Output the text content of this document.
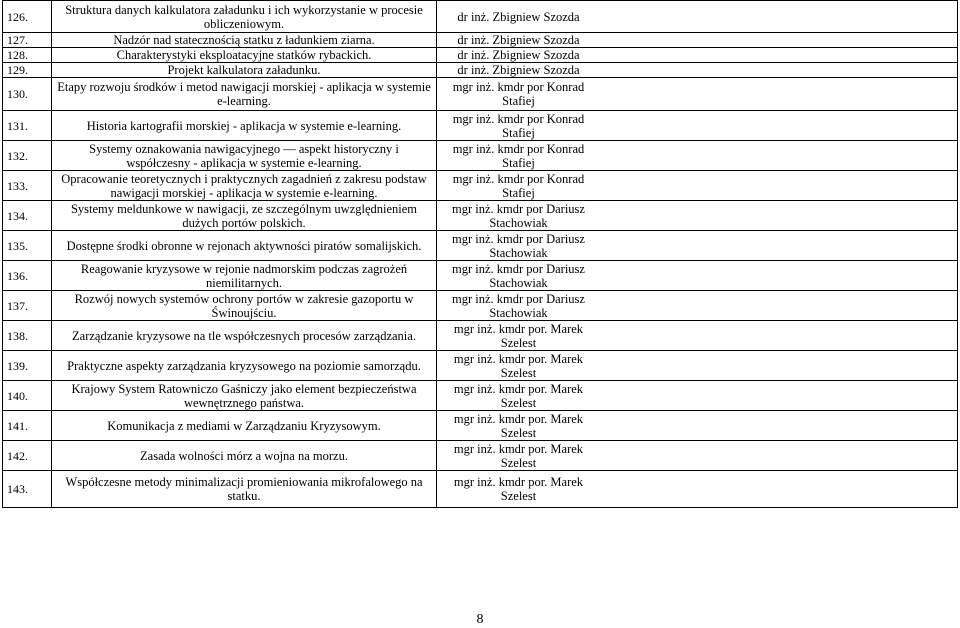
126.	Struktura danych kalkulatora załadunku i ich wykorzystanie w procesie obliczeniowym.	dr inż. Zbigniew Szozda

127.	Nadzór nad statecznością statku z ładunkiem ziarna.	dr inż. Zbigniew Szozda

128.	Charakterystyki eksploatacyjne statków rybackich.	dr inż. Zbigniew Szozda

129.	Projekt kalkulatora załadunku.	dr inż. Zbigniew Szozda

130.	Etapy rozwoju środków i metod nawigacji morskiej - aplikacja w systemie e-learning.	mgr inż. kmdr por Konrad Stafiej

131.	Historia kartografii morskiej - aplikacja w systemie e-learning.	mgr inż. kmdr por Konrad Stafiej

132.	Systemy oznakowania nawigacyjnego — aspekt historyczny i współczesny - aplikacja w systemie e-learning.	mgr inż. kmdr por Konrad Stafiej

133.	Opracowanie teoretycznych i praktycznych zagadnień z zakresu podstaw nawigacji morskiej - aplikacja w systemie e-learning.	mgr inż. kmdr por Konrad Stafiej

134.	Systemy meldunkowe w nawigacji, ze szczególnym uwzględnieniem dużych portów polskich.	mgr inż. kmdr por Dariusz Stachowiak

135.	Dostępne środki obronne w rejonach aktywności piratów somalijskich.	mgr inż. kmdr por Dariusz Stachowiak

136.	Reagowanie kryzysowe w rejonie nadmorskim podczas zagrożeń niemilitarnych.	mgr inż. kmdr por Dariusz Stachowiak

137.	Rozwój nowych systemów ochrony portów w zakresie gazoportu w Świnoujściu.	mgr inż. kmdr por Dariusz Stachowiak

138.	Zarządzanie kryzysowe na tle współczesnych procesów zarządzania.	mgr inż. kmdr por. Marek Szelest

139.	Praktyczne aspekty zarządzania kryzysowego na poziomie samorządu.	mgr inż. kmdr por. Marek Szelest

140.	Krajowy System Ratowniczo Gaśniczy jako element bezpieczeństwa wewnętrznego państwa.	mgr inż. kmdr por. Marek Szelest

141.	Komunikacja z mediami w Zarządzaniu Kryzysowym.	mgr inż. kmdr por. Marek Szelest

142.	Zasada wolności mórz a wojna na morzu.	mgr inż. kmdr por. Marek Szelest

143.	Współczesne metody minimalizacji promieniowania mikrofalowego na statku.	mgr inż. kmdr por. Marek Szelest
8
